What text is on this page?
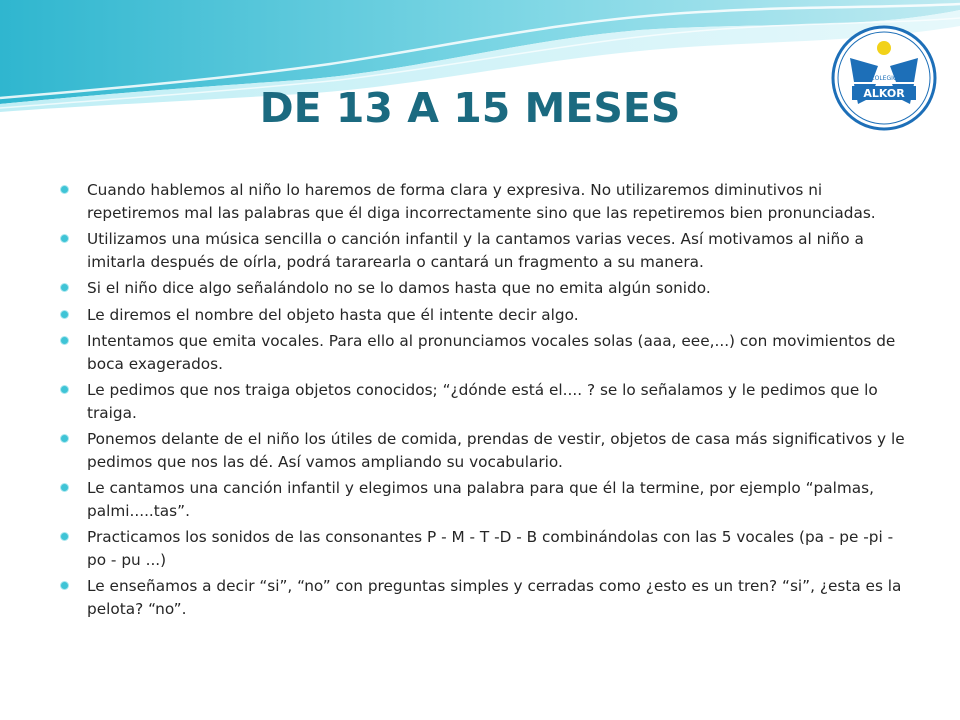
COLEGIO
ALKOR
DE 13 A 15 MESES
Cuando hablemos al niño lo haremos de forma clara y expresiva. No utilizaremos diminutivos ni repetiremos mal las palabras que él diga incorrectamente sino que las repetiremos bien pronunciadas.
Utilizamos una música sencilla o canción infantil y la cantamos varias veces. Así motivamos al niño a imitarla después de oírla, podrá tararearla o cantará un fragmento a su manera.
Si el niño dice algo señalándolo no se lo damos hasta que no emita algún sonido.
Le diremos el nombre del objeto hasta que él intente decir algo.
Intentamos que emita vocales. Para ello al pronunciamos vocales solas (aaa, eee,...) con movimientos de boca exagerados.
Le pedimos que nos traiga objetos conocidos; “¿dónde está el.... ? se lo señalamos y le pedimos que lo traiga.
Ponemos delante de el niño los útiles de comida, prendas de vestir, objetos de casa más significativos y le pedimos que nos las dé. Así vamos ampliando su vocabulario.
Le cantamos una canción infantil y elegimos una palabra para que él la termine, por ejemplo “palmas, palmi.....tas”.
Practicamos los sonidos de las consonantes P - M - T -D - B combinándolas con las 5 vocales (pa - pe -pi -po - pu ...)
Le enseñamos a decir “si”, “no” con preguntas simples y cerradas como ¿esto es un tren? “si”, ¿esta es la pelota? “no”.
